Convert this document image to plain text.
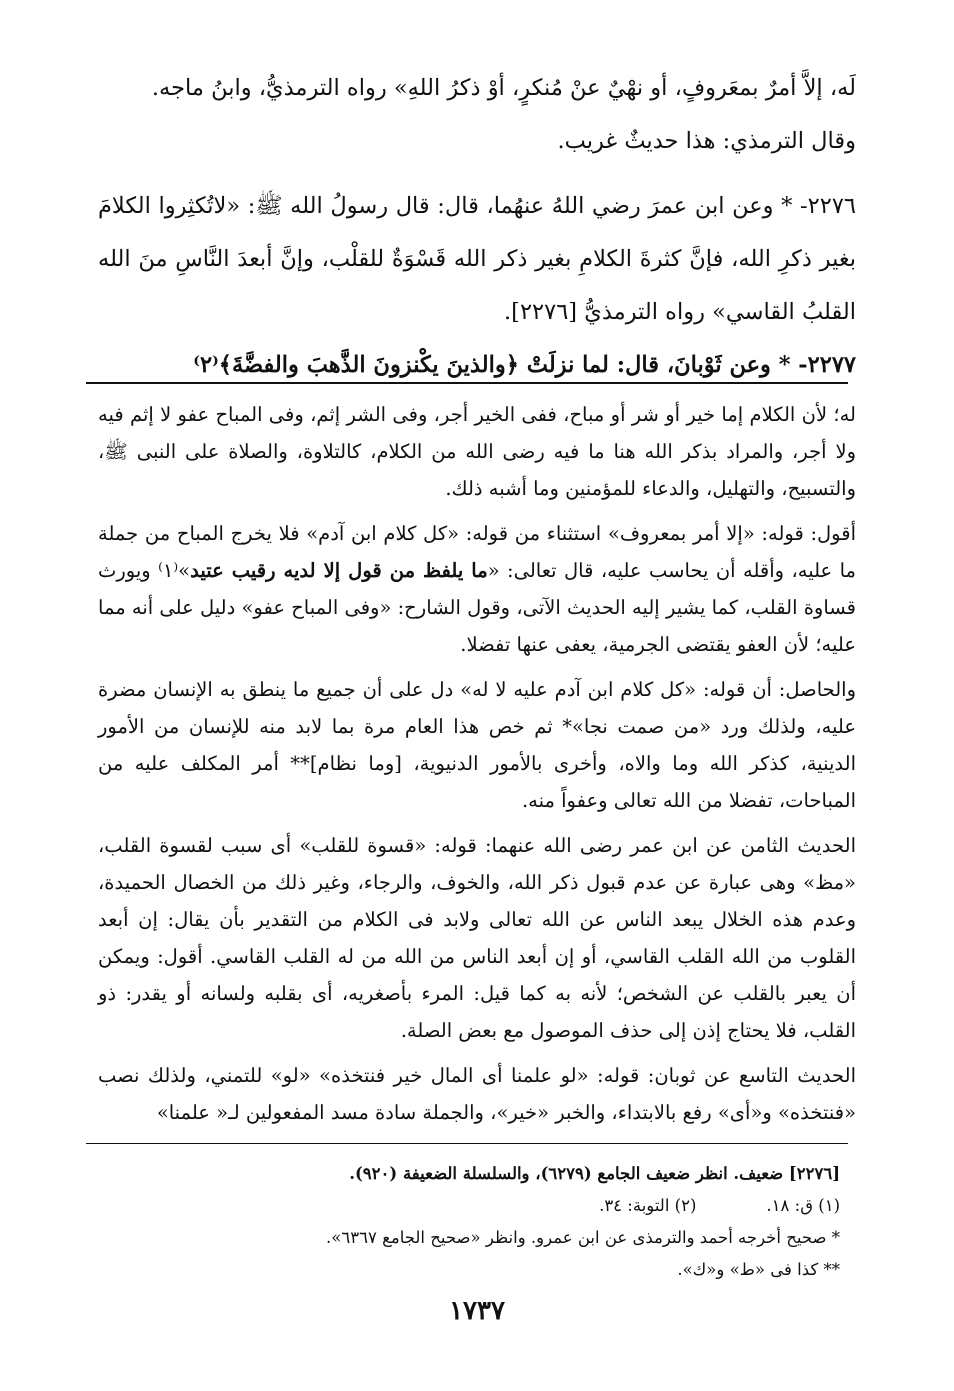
لَه، إلاَّ أمرٌ بمعَروفٍ، أو نهْيٌ عنْ مُنكرٍ، أوْ ذكرُ اللهِ» رواه الترمذيُّ، وابنُ ماجه.

وقال الترمذي: هذا حديثٌ غريب.

٢٢٧٦- * وعن ابن عمرَ رضي اللهُ عنهُما، قال: قال رسولُ الله ﷺ: «لاتُكثِروا الكلامَ بغير ذكرِ الله، فإنَّ كثرةَ الكلامِ بغير ذكر الله قَسْوَةٌ للقلْب، وإنَّ أبعدَ النَّاسِ منَ الله القلبُ القاسي» رواه الترمذيُّ [٢٢٧٦].

٢٢٧٧- * وعن ثَوْبانَ، قال: لما نزلَتْ ﴿والذينَ يكْنزونَ الذَّهبَ والفضَّةَ﴾⁽٢⁾

له؛ لأن الكلام إما خير أو شر أو مباح، ففى الخير أجر، وفى الشر إثم، وفى المباح عفو لا إثم فيه ولا أجر، والمراد بذكر الله هنا ما فيه رضى الله من الكلام، كالتلاوة، والصلاة على النبى ﷺ، والتسبيح، والتهليل، والدعاء للمؤمنين وما أشبه ذلك.

أقول: قوله: «إلا أمر بمعروف» استثناء من قوله: «كل كلام ابن آدم» فلا يخرج المباح من جملة ما عليه، وأقله أن يحاسب عليه، قال تعالى: «ما يلفظ من قول إلا لديه رقيب عتيد»⁽١⁾ ويورث قساوة القلب، كما يشير إليه الحديث الآتى، وقول الشارح: «وفى المباح عفو» دليل على أنه مما عليه؛ لأن العفو يقتضى الجرمية، يعفى عنها تفضلا.

والحاصل: أن قوله: «كل كلام ابن آدم عليه لا له» دل على أن جميع ما ينطق به الإنسان مضرة عليه، ولذلك ورد «من صمت نجا»* ثم خص هذا العام مرة بما لابد منه للإنسان من الأمور الدينية، كذكر الله وما والاه، وأخرى بالأمور الدنيوية، [وما نظام]** أمر المكلف عليه من المباحات، تفضلا من الله تعالى وعفواً منه.

الحديث الثامن عن ابن عمر رضى الله عنهما: قوله: «قسوة للقلب» أى سبب لقسوة القلب، «مظ» وهى عبارة عن عدم قبول ذكر الله، والخوف، والرجاء، وغير ذلك من الخصال الحميدة، وعدم هذه الخلال يبعد الناس عن الله تعالى ولابد فى الكلام من التقدير بأن يقال: إن أبعد القلوب من الله القلب القاسي، أو إن أبعد الناس من الله من له القلب القاسي. أقول: ويمكن أن يعبر بالقلب عن الشخص؛ لأنه به كما قيل: المرء بأصغريه، أى بقلبه ولسانه أو يقدر: ذو القلب، فلا يحتاج إذن إلى حذف الموصول مع بعض الصلة.

الحديث التاسع عن ثوبان: قوله: «لو علمنا أى المال خير فنتخذه» «لو» للتمني، ولذلك نصب «فنتخذه» و«أى» رفع بالابتداء، والخبر «خير»، والجملة سادة مسد المفعولين لـ« علمنا»

[٢٢٧٦] ضعيف. انظر ضعيف الجامع (٦٢٧٩)، والسلسلة الضعيفة (٩٢٠).
(١) ق: ١٨.(٢) التوبة: ٣٤.
* صحيح أخرجه أحمد والترمذى عن ابن عمرو. وانظر «صحيح الجامع ٦٣٦٧».
** كذا فى «ط» و«ك».
١٧٣٧
